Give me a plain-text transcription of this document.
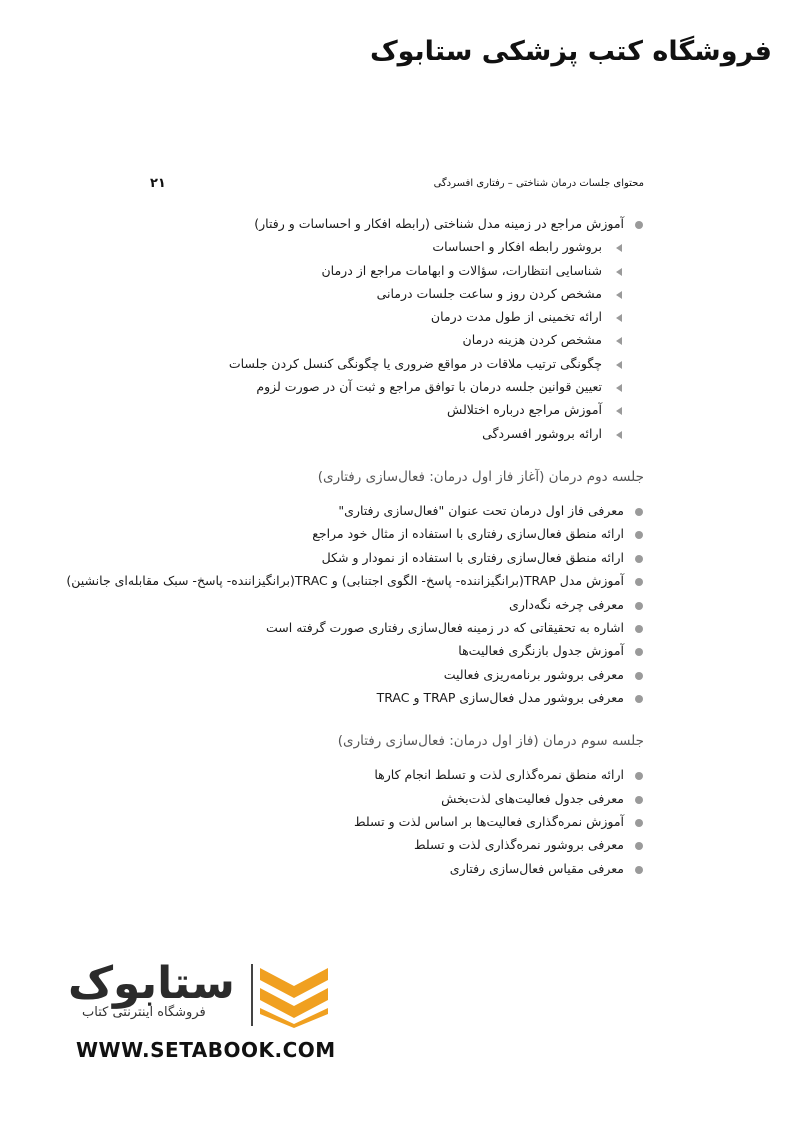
فروشگاه کتب پزشکی ستابوک
محتوای جلسات درمان شناختی – رفتاری افسردگی
۲۱
آموزش مراجع در زمینه مدل شناختی (رابطه افکار و احساسات و رفتار)
بروشور رابطه افکار و احساسات
شناسایی انتظارات، سؤالات و ابهامات مراجع از درمان
مشخص کردن روز و ساعت جلسات درمانی
ارائه تخمینی از طول مدت درمان
مشخص کردن هزینه درمان
چگونگی ترتیب ملاقات در مواقع ضروری یا چگونگی کنسل کردن جلسات
تعیین قوانین جلسه درمان با توافق مراجع و ثبت آن در صورت لزوم
آموزش مراجع درباره اختلالش
ارائه بروشور افسردگی
جلسه دوم درمان (آغاز فاز اول درمان: فعال‌سازی رفتاری)
معرفی فاز اول درمان تحت عنوان "فعال‌سازی رفتاری"
ارائه منطق فعال‌سازی رفتاری با استفاده از مثال خود مراجع
ارائه منطق فعال‌سازی رفتاری با استفاده از نمودار و شکل
آموزش مدل TRAP(برانگیزاننده- پاسخ- الگوی اجتنابی) و TRAC(برانگیزاننده- پاسخ- سبک مقابله‌ای جانشین)
معرفی چرخه نگه‌داری
اشاره به تحقیقاتی که در زمینه فعال‌سازی رفتاری صورت گرفته است
آموزش جدول بازنگری فعالیت‌ها
معرفی بروشور برنامه‌ریزی فعالیت
معرفی بروشور مدل فعال‌سازی TRAP و TRAC
جلسه سوم درمان (فاز اول درمان: فعال‌سازی رفتاری)
ارائه منطق نمره‌گذاری لذت و تسلط انجام کارها
معرفی جدول فعالیت‌های لذت‌بخش
آموزش نمره‌گذاری فعالیت‌ها بر اساس لذت و تسلط
معرفی بروشور نمره‌گذاری لذت و تسلط
معرفی مقیاس فعال‌سازی رفتاری
ستابوک
فروشگاه اینترنتی کتاب
WWW.SETABOOK.COM
